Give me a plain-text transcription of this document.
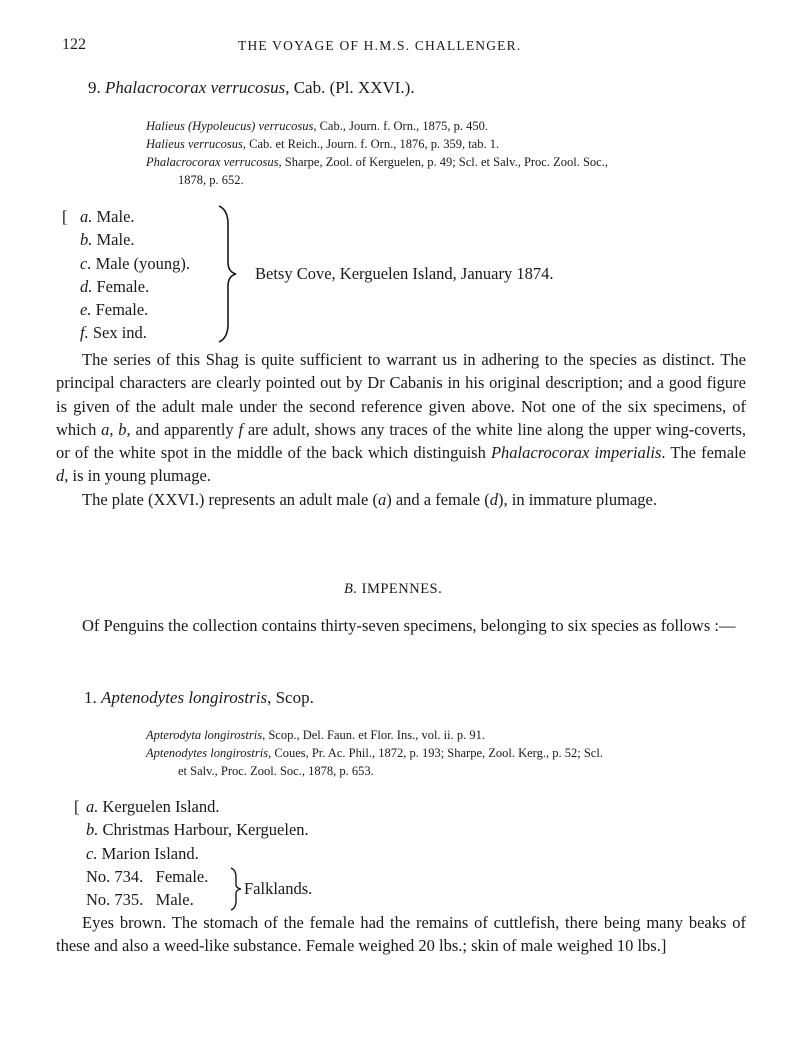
122	THE VOYAGE OF H.M.S. CHALLENGER.
9. Phalacrocorax verrucosus, Cab. (Pl. XXVI.).
Halieus (Hypoleucus) verrucosus, Cab., Journ. f. Orn., 1875, p. 450.
Halieus verrucosus, Cab. et Reich., Journ. f. Orn., 1876, p. 359, tab. 1.
Phalacrocorax verrucosus, Sharpe, Zool. of Kerguelen, p. 49; Scl. et Salv., Proc. Zool. Soc.,
1878, p. 652.
[ a. Male.
b. Male.
c. Male (young).
d. Female.
e. Female.
f. Sex ind.
Betsy Cove, Kerguelen Island, January 1874.

The series of this Shag is quite sufficient to warrant us in adhering to the species as distinct. The principal characters are clearly pointed out by Dr Cabanis in his original description; and a good figure is given of the adult male under the second reference given above. Not one of the six specimens, of which a, b, and apparently f are adult, shows any traces of the white line along the upper wing-coverts, or of the white spot in the middle of the back which distinguish Phalacrocorax imperialis. The female d, is in young plumage.

The plate (XXVI.) represents an adult male (a) and a female (d), in immature plumage.

B. IMPENNES.

Of Penguins the collection contains thirty-seven specimens, belonging to six species as follows :—

1. Aptenodytes longirostris, Scop.
Apterodyta longirostris, Scop., Del. Faun. et Flor. Ins., vol. ii. p. 91.
Aptenodytes longirostris, Coues, Pr. Ac. Phil., 1872, p. 193; Sharpe, Zool. Kerg., p. 52; Scl.
et Salv., Proc. Zool. Soc., 1878, p. 653.
[ a. Kerguelen Island.
b. Christmas Harbour, Kerguelen.
c. Marion Island.
No. 734. Female.
No. 735. Male.
Falklands.

Eyes brown. The stomach of the female had the remains of cuttlefish, there being many beaks of these and also a weed-like substance. Female weighed 20 lbs.; skin of male weighed 10 lbs.]
